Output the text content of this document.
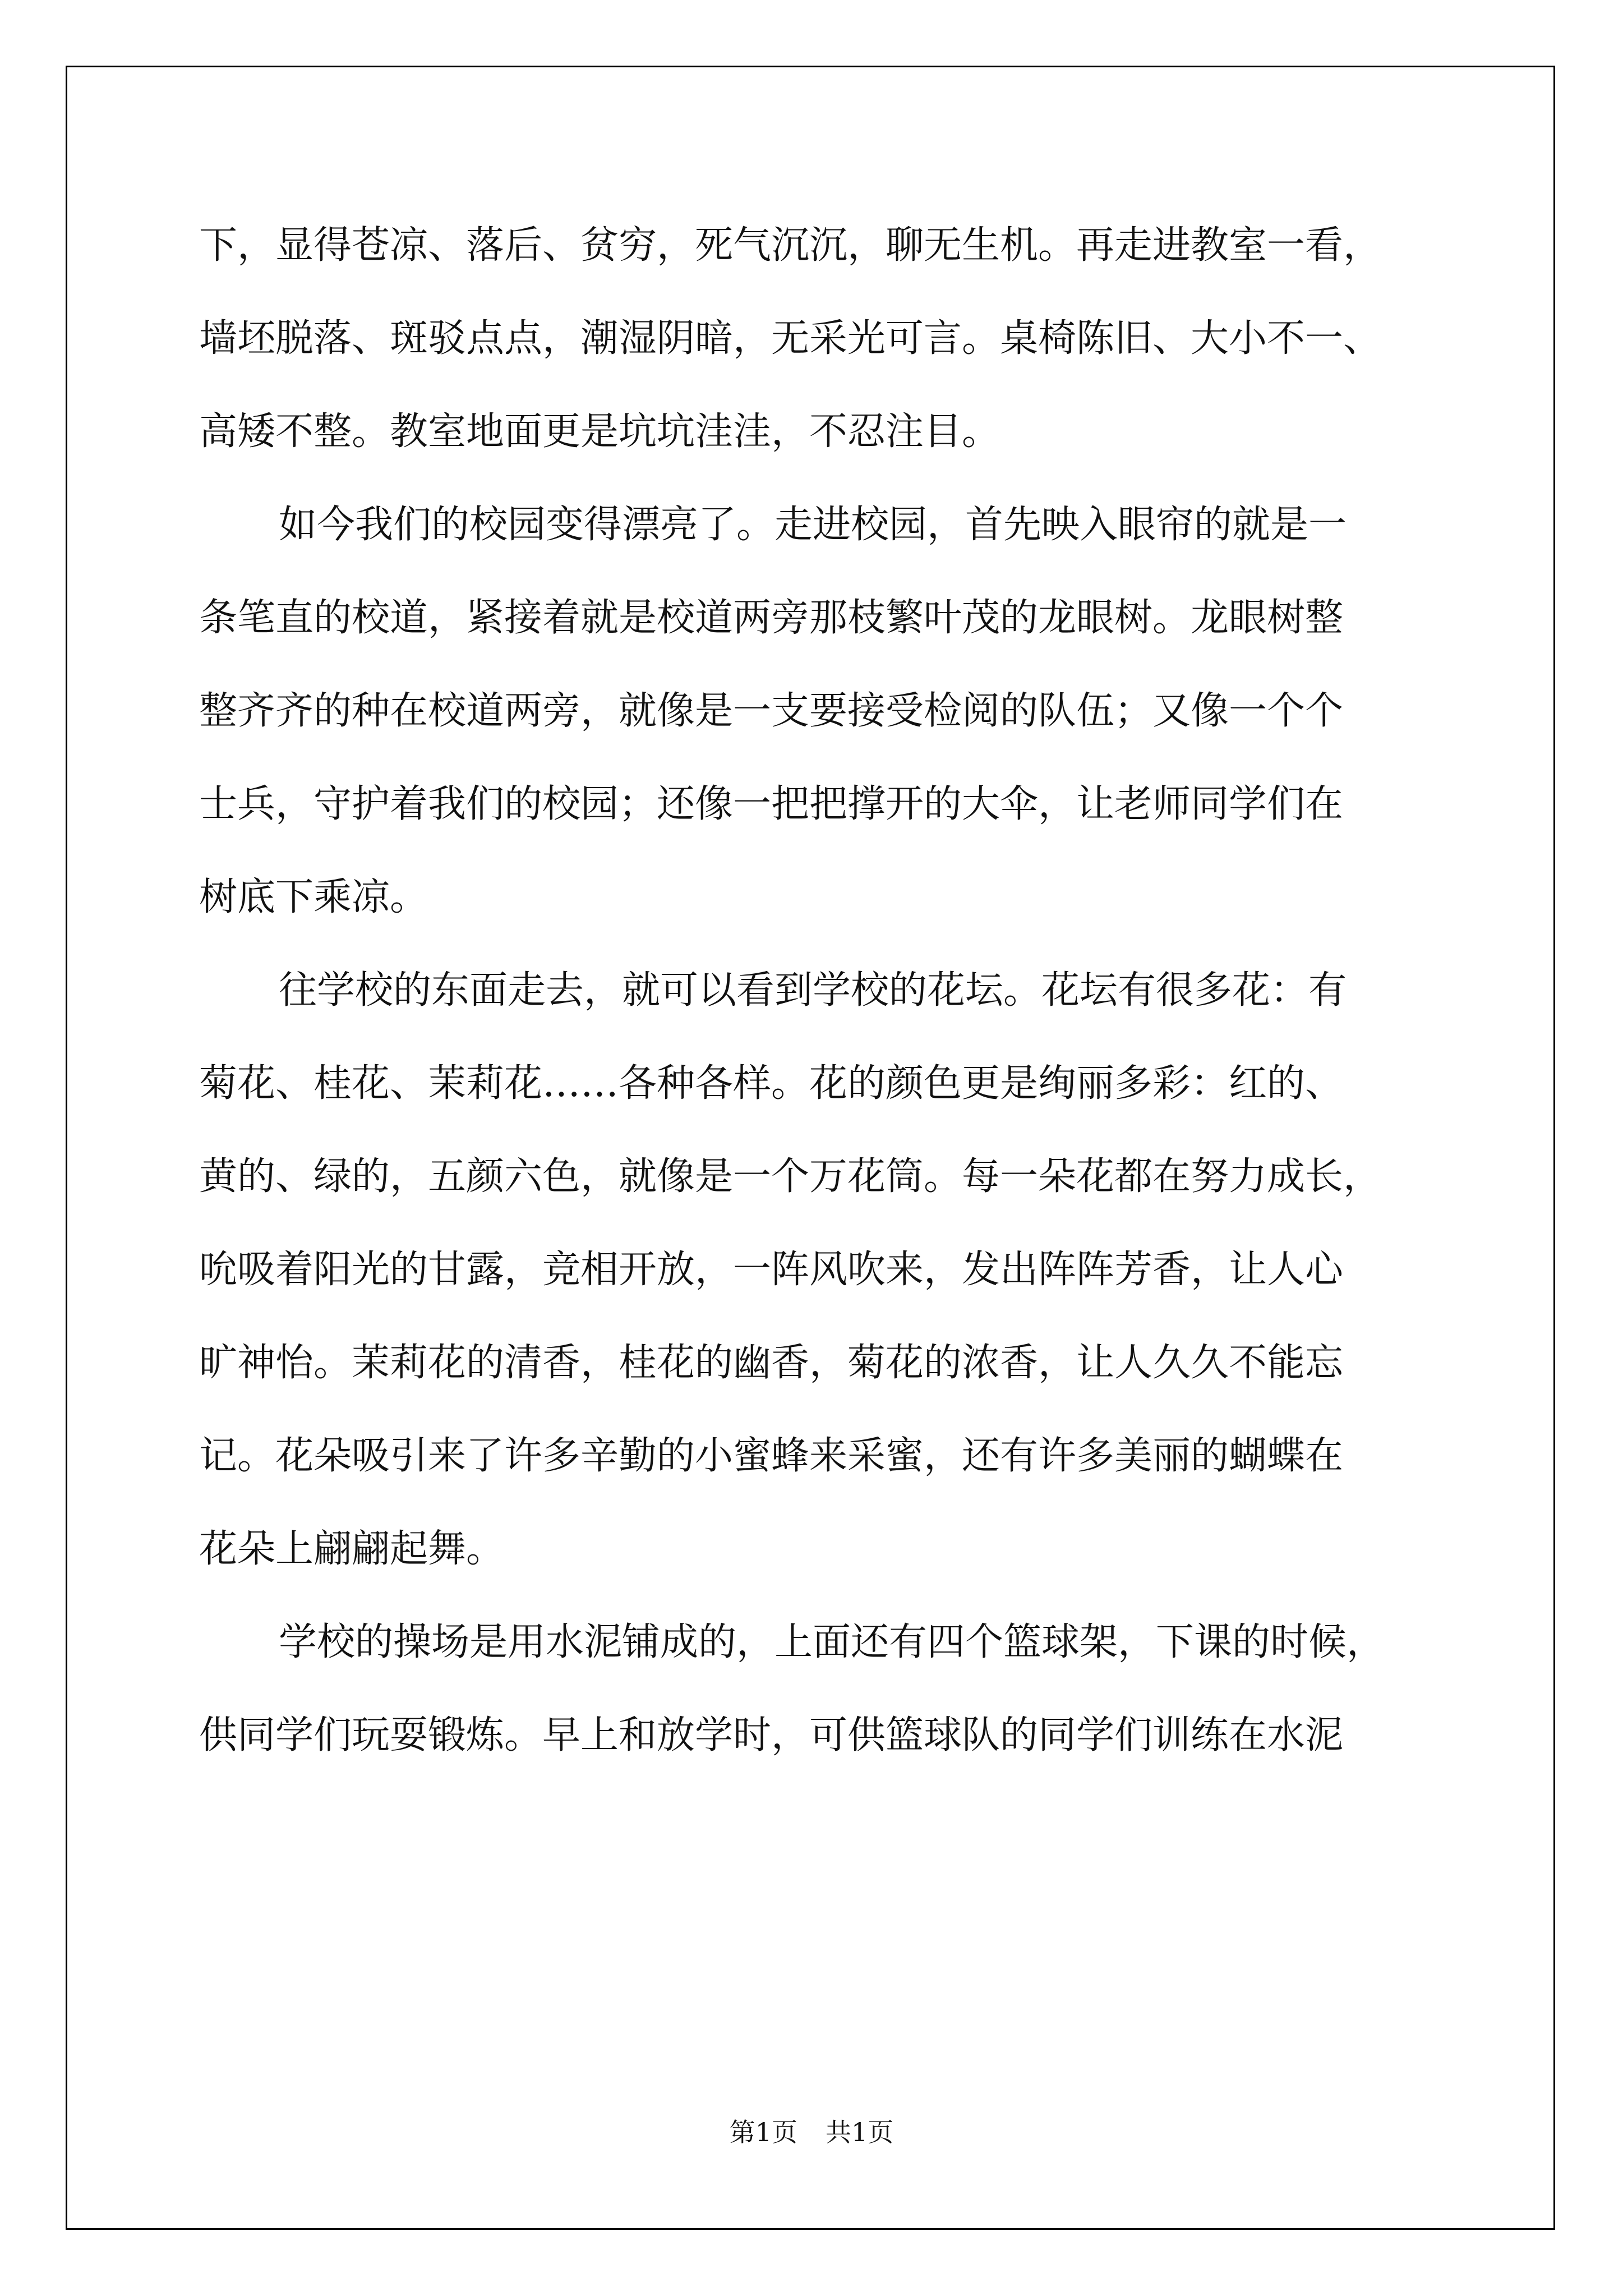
下，显得苍凉、落后、贫穷，死气沉沉，聊无生机。再走进教室一看，
墙坯脱落、斑驳点点，潮湿阴暗，无采光可言。桌椅陈旧、大小不一、
高矮不整。教室地面更是坑坑洼洼，不忍注目。
如今我们的校园变得漂亮了。走进校园，首先映入眼帘的就是一
条笔直的校道，紧接着就是校道两旁那枝繁叶茂的龙眼树。龙眼树整
整齐齐的种在校道两旁，就像是一支要接受检阅的队伍；又像一个个
士兵，守护着我们的校园；还像一把把撑开的大伞，让老师同学们在
树底下乘凉。
往学校的东面走去，就可以看到学校的花坛。花坛有很多花：有
菊花、桂花、茉莉花……各种各样。花的颜色更是绚丽多彩：红的、
黄的、绿的，五颜六色，就像是一个万花筒。每一朵花都在努力成长，
吮吸着阳光的甘露，竞相开放，一阵风吹来，发出阵阵芳香，让人心
旷神怡。茉莉花的清香，桂花的幽香，菊花的浓香，让人久久不能忘
记。花朵吸引来了许多辛勤的小蜜蜂来采蜜，还有许多美丽的蝴蝶在
花朵上翩翩起舞。
学校的操场是用水泥铺成的，上面还有四个篮球架，下课的时候，
供同学们玩耍锻炼。早上和放学时，可供篮球队的同学们训练在水泥
第1页 共1页
